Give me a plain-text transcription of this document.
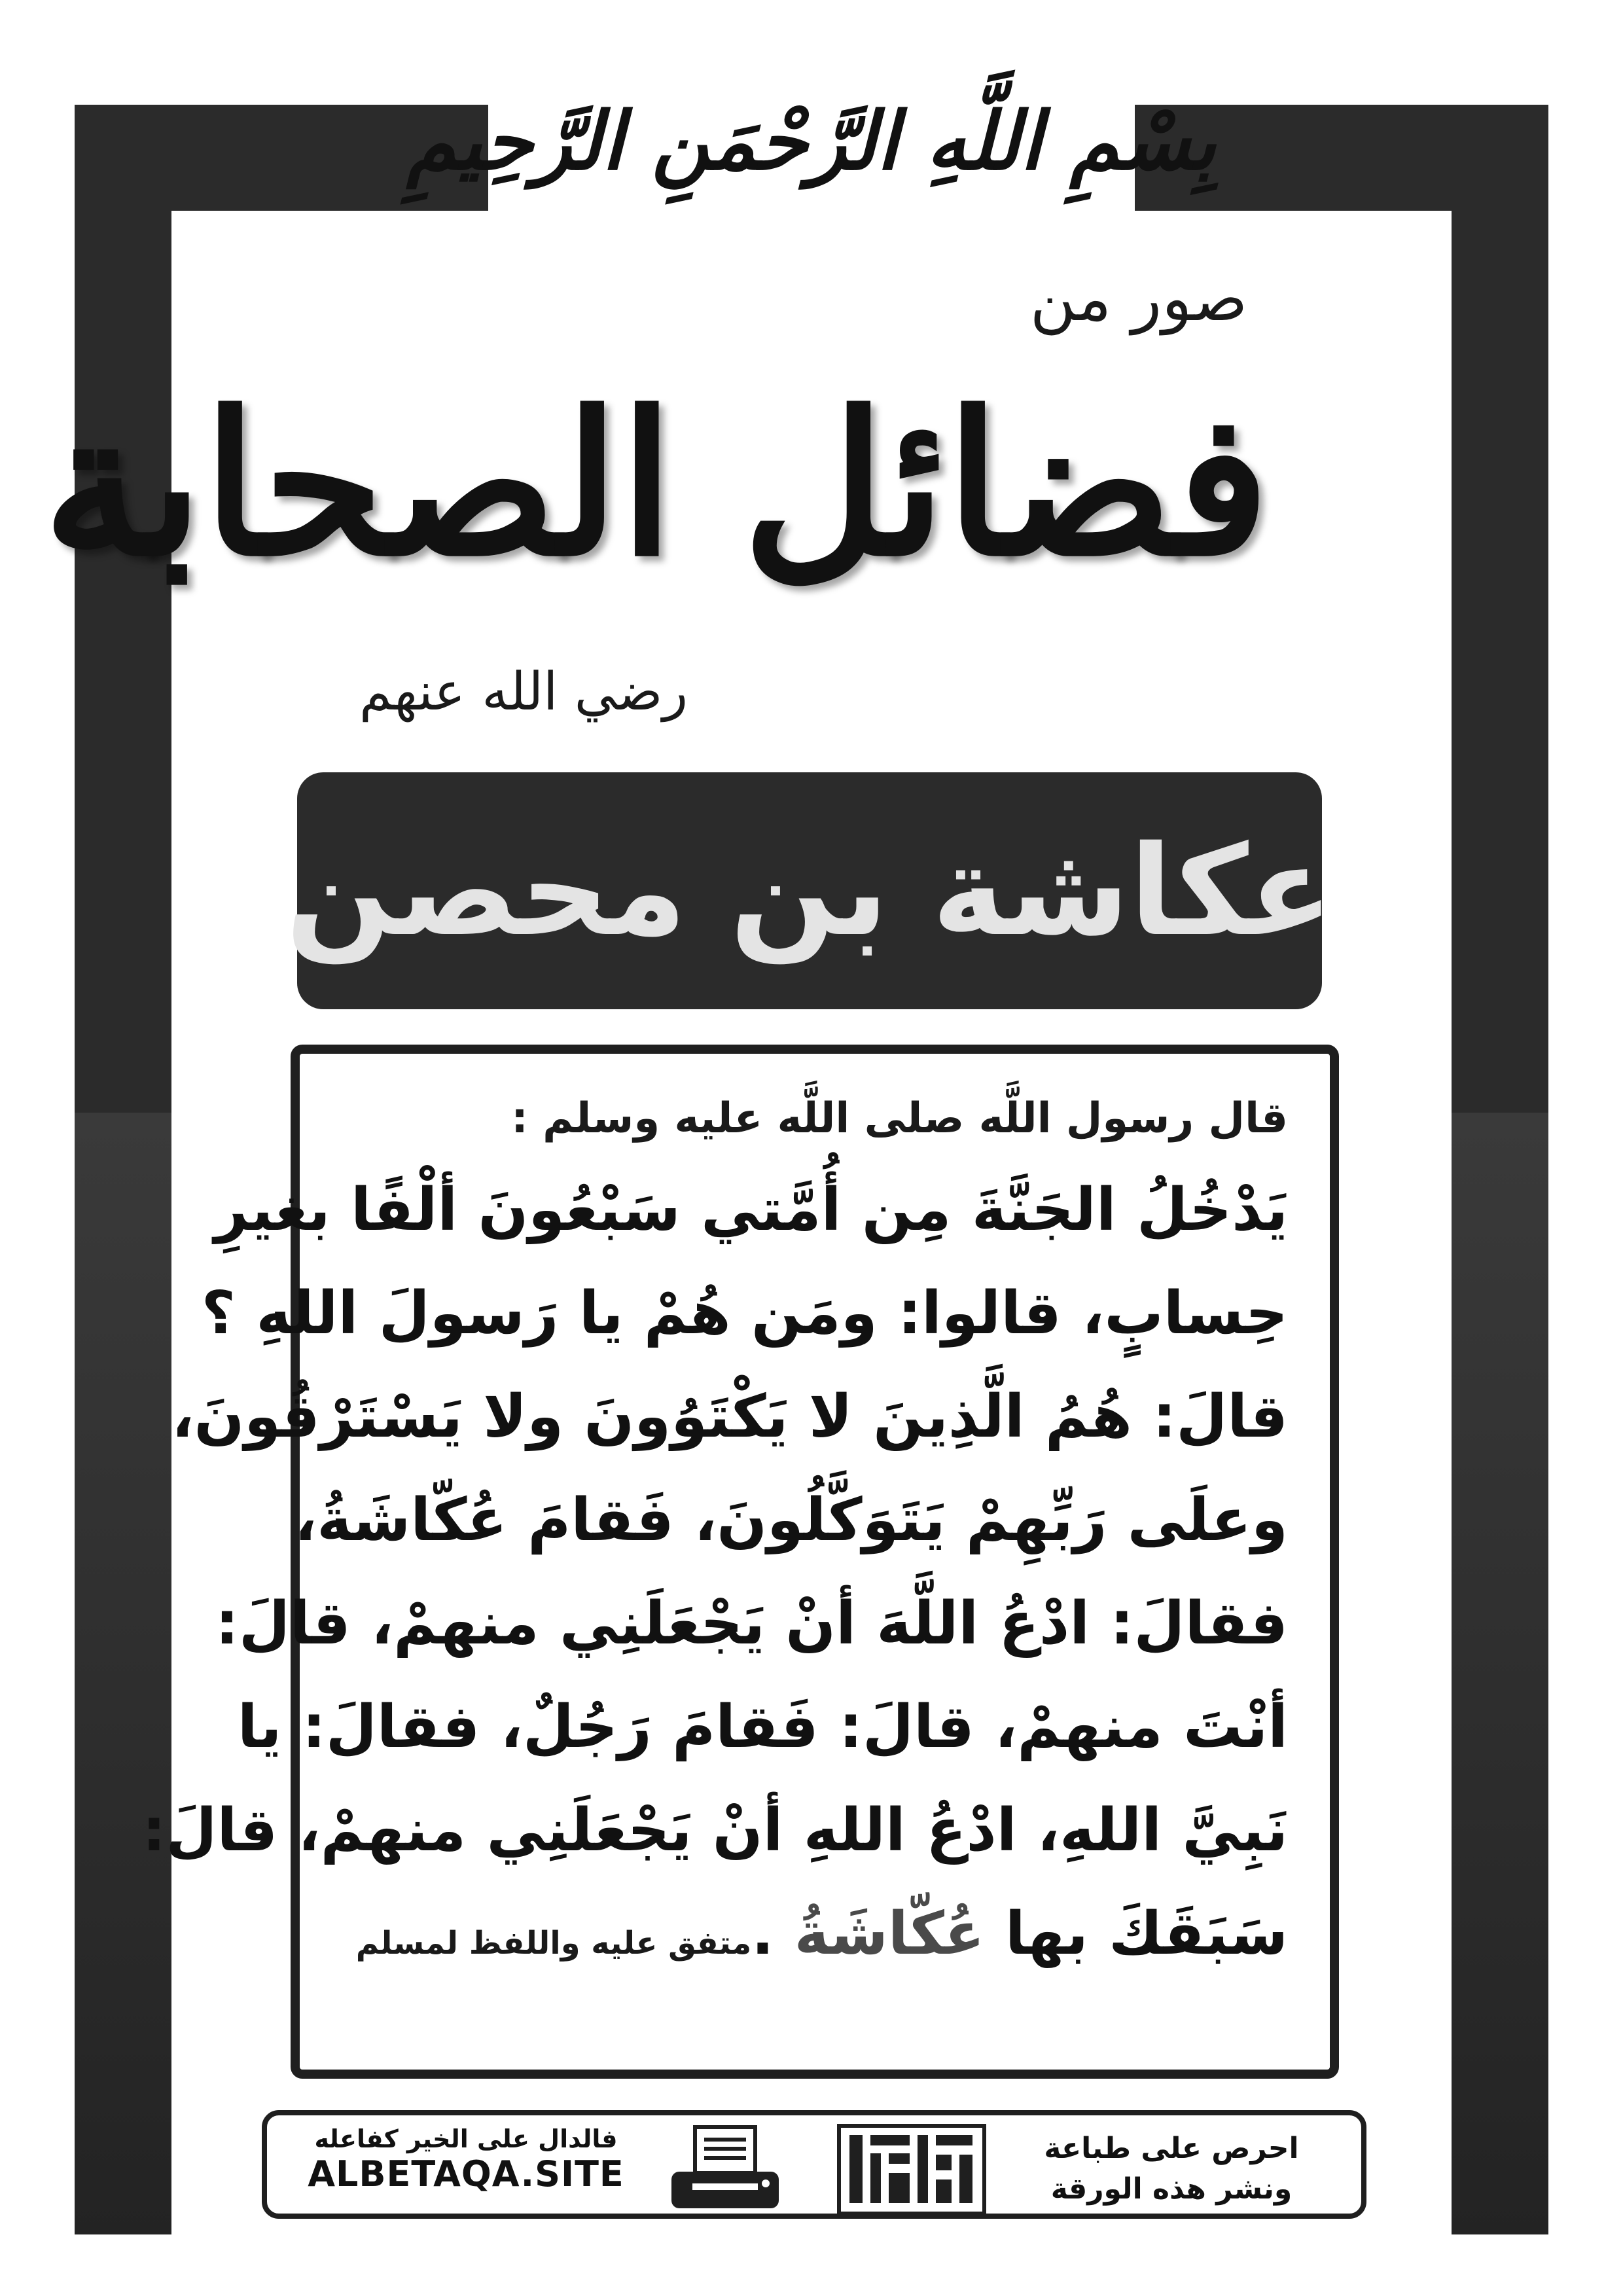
بِسْمِ اللَّهِ الرَّحْمَنِ الرَّحِيمِ
صور من
فضائل الصحابة
رضي الله عنهم
عكاشة بن محصن
قال رسول اللَّه صلى اللَّه عليه وسلم :
يَدْخُلُ الجَنَّةَ مِن أُمَّتي سَبْعُونَ ألْفًا بغيرِ
حِسابٍ، قالوا: ومَن هُمْ يا رَسولَ اللهِ ؟
قالَ: هُمُ الَّذِينَ لا يَكْتَوُونَ ولا يَسْتَرْقُونَ،
وعلَى رَبِّهِمْ يَتَوَكَّلُونَ، فَقامَ عُكّاشَةُ،
فقالَ: ادْعُ اللَّهَ أنْ يَجْعَلَنِي منهمْ، قالَ:
أنْتَ منهمْ، قالَ: فَقامَ رَجُلٌ، فقالَ: يا
نَبِيَّ اللهِ، ادْعُ اللهِ أنْ يَجْعَلَنِي منهمْ، قالَ:
سَبَقَكَ بها عُكّاشَةُ .
متفق عليه واللفظ لمسلم
احرص على طباعة
ونشر هذه الورقة
فالدال على الخير كفاعله
ALBETAQA.SITE
